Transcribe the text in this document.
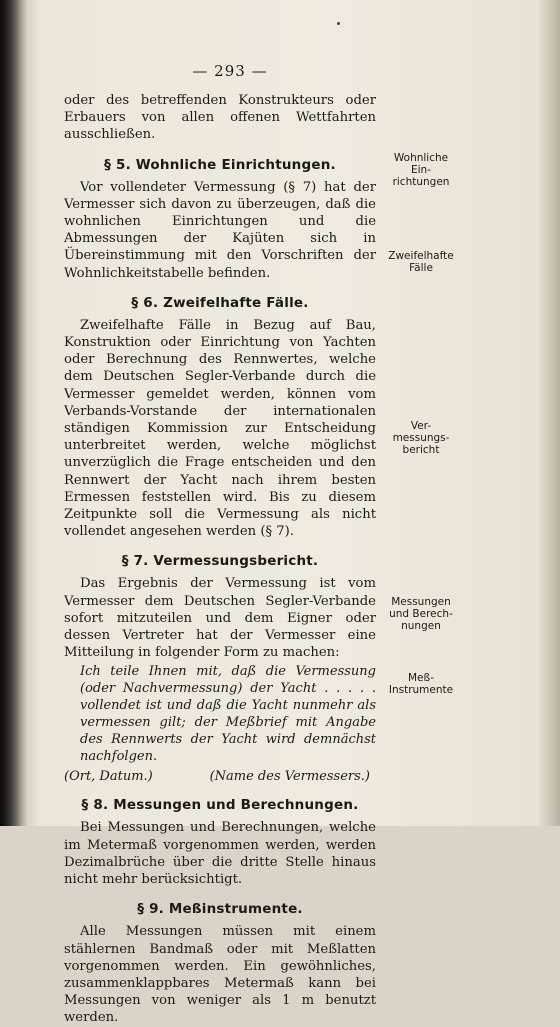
— 293 —

oder des betreffenden Konstrukteurs oder Erbauers von allen offenen Wettfahrten ausschließen.

§ 5. Wohnliche Einrichtungen.

Vor vollendeter Vermessung (§ 7) hat der Vermesser sich davon zu überzeugen, daß die wohnlichen Einrichtungen und die Abmessungen der Kajüten sich in Übereinstimmung mit den Vorschriften der Wohnlichkeitstabelle befinden.

§ 6. Zweifelhafte Fälle.

Zweifelhafte Fälle in Bezug auf Bau, Konstruktion oder Einrichtung von Yachten oder Berechnung des Rennwertes, welche dem Deutschen Segler-Verbande durch die Vermesser gemeldet werden, können vom Verbands-Vorstande der internationalen ständigen Kommission zur Entscheidung unterbreitet werden, welche möglichst unverzüglich die Frage entscheiden und den Rennwert der Yacht nach ihrem besten Ermessen feststellen wird. Bis zu diesem Zeitpunkte soll die Vermessung als nicht vollendet angesehen werden (§ 7).

§ 7. Vermessungsbericht.

Das Ergebnis der Vermessung ist vom Vermesser dem Deutschen Segler-Verbande sofort mitzuteilen und dem Eigner oder dessen Vertreter hat der Vermesser eine Mitteilung in folgender Form zu machen:

Ich teile Ihnen mit, daß die Vermessung (oder Nachvermessung) der Yacht . . . . . vollendet ist und daß die Yacht nunmehr als vermessen gilt; der Meßbrief mit Angabe des Rennwerts der Yacht wird demnächst nachfolgen.

(Ort, Datum.)	(Name des Vermessers.)
§ 8. Messungen und Berechnungen.

Bei Messungen und Berechnungen, welche im Metermaß vorgenommen werden, werden Dezimalbrüche über die dritte Stelle hinaus nicht mehr berücksichtigt.

§ 9. Meßinstrumente.

Alle Messungen müssen mit einem stählernen Bandmaß oder mit Meßlatten vorgenommen werden. Ein gewöhnliches, zusammenklappbares Metermaß kann bei Messungen von weniger als 1 m benutzt werden.

Wohnliche
Ein-
richtungen
Zweifelhafte
Fälle
Ver-
messungs-
bericht
Messungen
und Berech-
nungen
Meß-
Instrumente
